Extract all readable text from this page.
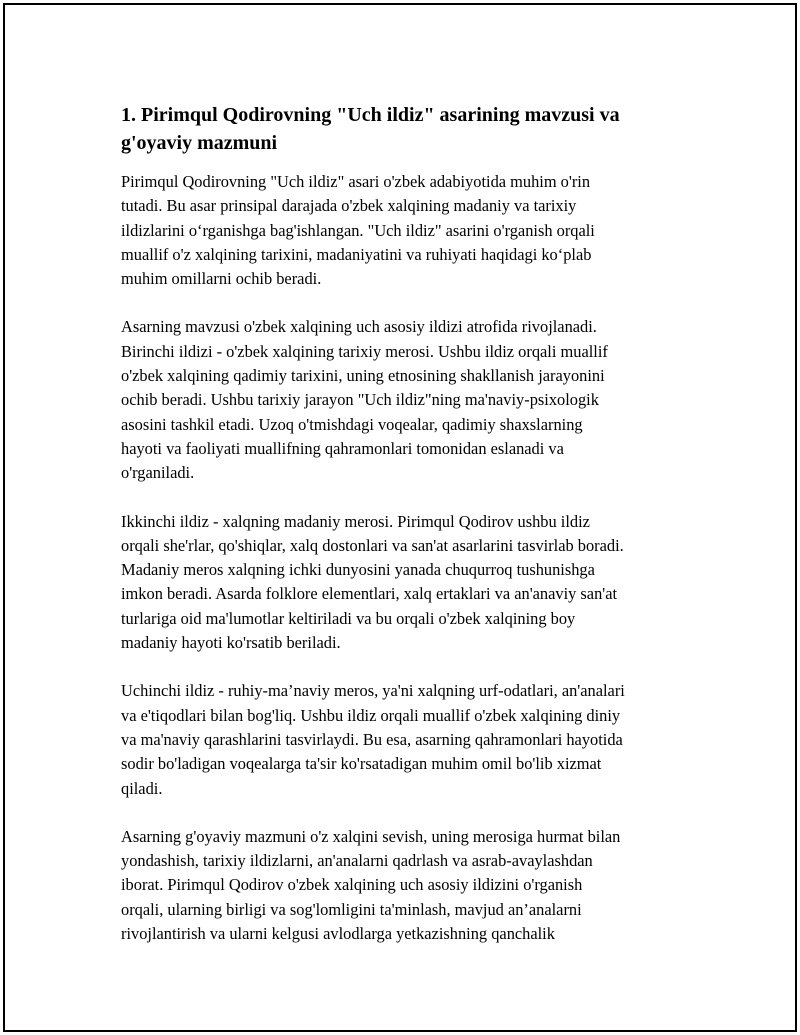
1. Pirimqul Qodirovning "Uch ildiz" asarining mavzusi va
g'oyaviy mazmuni

Pirimqul Qodirovning "Uch ildiz" asari o'zbek adabiyotida muhim o'rin
tutadi. Bu asar prinsipal darajada o'zbek xalqining madaniy va tarixiy
ildizlarini o‘rganishga bag'ishlangan. "Uch ildiz" asarini o'rganish orqali
muallif o'z xalqining tarixini, madaniyatini va ruhiyati haqidagi ko‘plab
muhim omillarni ochib beradi.

Asarning mavzusi o'zbek xalqining uch asosiy ildizi atrofida rivojlanadi.
Birinchi ildizi - o'zbek xalqining tarixiy merosi. Ushbu ildiz orqali muallif
o'zbek xalqining qadimiy tarixini, uning etnosining shakllanish jarayonini
ochib beradi. Ushbu tarixiy jarayon "Uch ildiz"ning ma'naviy-psixologik
asosini tashkil etadi. Uzoq o'tmishdagi voqealar, qadimiy shaxslarning
hayoti va faoliyati muallifning qahramonlari tomonidan eslanadi va
o'rganiladi.

Ikkinchi ildiz - xalqning madaniy merosi. Pirimqul Qodirov ushbu ildiz
orqali she'rlar, qo'shiqlar, xalq dostonlari va san'at asarlarini tasvirlab boradi.
Madaniy meros xalqning ichki dunyosini yanada chuqurroq tushunishga
imkon beradi. Asarda folklore elementlari, xalq ertaklari va an'anaviy san'at
turlariga oid ma'lumotlar keltiriladi va bu orqali o'zbek xalqining boy
madaniy hayoti ko'rsatib beriladi.

Uchinchi ildiz - ruhiy-ma’naviy meros, ya'ni xalqning urf-odatlari, an'analari
va e'tiqodlari bilan bog'liq. Ushbu ildiz orqali muallif o'zbek xalqining diniy
va ma'naviy qarashlarini tasvirlaydi. Bu esa, asarning qahramonlari hayotida
sodir bo'ladigan voqealarga ta'sir ko'rsatadigan muhim omil bo'lib xizmat
qiladi.

Asarning g'oyaviy mazmuni o'z xalqini sevish, uning merosiga hurmat bilan
yondashish, tarixiy ildizlarni, an'analarni qadrlash va asrab-avaylashdan
iborat. Pirimqul Qodirov o'zbek xalqining uch asosiy ildizini o'rganish
orqali, ularning birligi va sog'lomligini ta'minlash, mavjud an’analarni
rivojlantirish va ularni kelgusi avlodlarga yetkazishning qanchalik
